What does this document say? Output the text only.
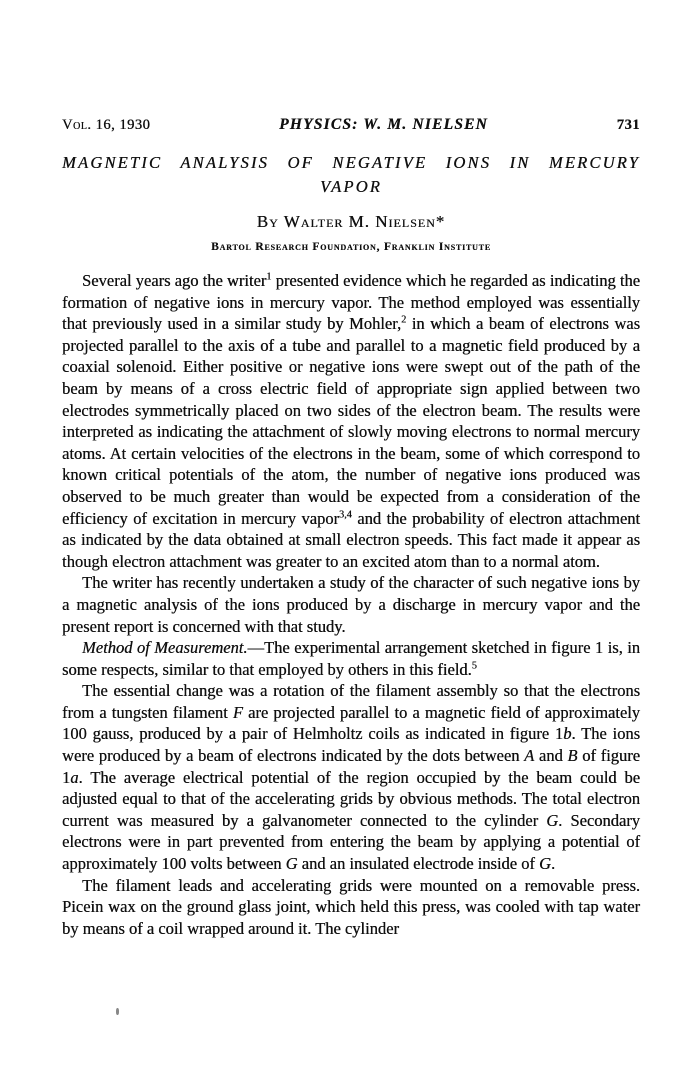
Vol. 16, 1930	PHYSICS: W. M. NIELSEN	731
MAGNETIC ANALYSIS OF NEGATIVE IONS IN MERCURY VAPOR
By Walter M. Nielsen*
Bartol Research Foundation, Franklin Institute

Several years ago the writer$^1$ presented evidence which he regarded as indicating the formation of negative ions in mercury vapor. The method employed was essentially that previously used in a similar study by Mohler,$^2$ in which a beam of electrons was projected parallel to the axis of a tube and parallel to a magnetic field produced by a coaxial solenoid. Either positive or negative ions were swept out of the path of the beam by means of a cross electric field of appropriate sign applied between two electrodes symmetrically placed on two sides of the electron beam. The results were interpreted as indicating the attachment of slowly moving electrons to normal mercury atoms. At certain velocities of the electrons in the beam, some of which correspond to known critical potentials of the atom, the number of negative ions produced was observed to be much greater than would be expected from a consideration of the efficiency of excitation in mercury vapor$^{3,4}$ and the probability of electron attachment as indicated by the data obtained at small electron speeds. This fact made it appear as though electron attachment was greater to an excited atom than to a normal atom.

The writer has recently undertaken a study of the character of such negative ions by a magnetic analysis of the ions produced by a discharge in mercury vapor and the present report is concerned with that study.

Method of Measurement.—The experimental arrangement sketched in figure 1 is, in some respects, similar to that employed by others in this field.$^5$

The essential change was a rotation of the filament assembly so that the electrons from a tungsten filament F are projected parallel to a magnetic field of approximately 100 gauss, produced by a pair of Helmholtz coils as indicated in figure 1b. The ions were produced by a beam of electrons indicated by the dots between A and B of figure 1a. The average electrical potential of the region occupied by the beam could be adjusted equal to that of the accelerating grids by obvious methods. The total electron current was measured by a galvanometer connected to the cylinder G. Secondary electrons were in part prevented from entering the beam by applying a potential of approximately 100 volts between G and an insulated electrode inside of G.

The filament leads and accelerating grids were mounted on a removable press. Picein wax on the ground glass joint, which held this press, was cooled with tap water by means of a coil wrapped around it. The cylinder
